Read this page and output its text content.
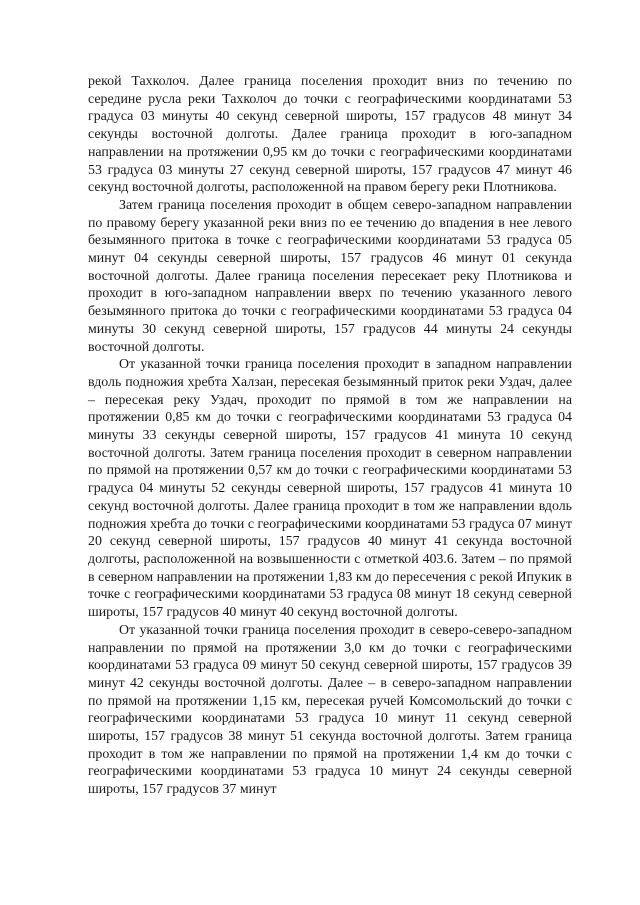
рекой Тахколоч. Далее граница поселения проходит вниз по течению по середине русла реки Тахколоч до точки с географическими координатами 53 градуса 03 минуты 40 секунд северной широты, 157 градусов 48 минут 34 секунды восточной долготы. Далее граница проходит в юго-западном направлении на протяжении 0,95 км до точки с географическими координатами 53 градуса 03 минуты 27 секунд северной широты, 157 градусов 47 минут 46 секунд восточной долготы, расположенной на правом берегу реки Плотникова.

Затем граница поселения проходит в общем северо-западном направлении по правому берегу указанной реки вниз по ее течению до впадения в нее левого безымянного притока в точке с географическими координатами 53 градуса 05 минут 04 секунды северной широты, 157 градусов 46 минут 01 секунда восточной долготы. Далее граница поселения пересекает реку Плотникова и проходит в юго-западном направлении вверх по течению указанного левого безымянного притока до точки с географическими координатами 53 градуса 04 минуты 30 секунд северной широты, 157 градусов 44 минуты 24 секунды восточной долготы.

От указанной точки граница поселения проходит в западном направлении вдоль подножия хребта Халзан, пересекая безымянный приток реки Уздач, далее – пересекая реку Уздач, проходит по прямой в том же направлении на протяжении 0,85 км до точки с географическими координатами 53 градуса 04 минуты 33 секунды северной широты, 157 градусов 41 минута 10 секунд восточной долготы. Затем граница поселения проходит в северном направлении по прямой на протяжении 0,57 км до точки с географическими координатами 53 градуса 04 минуты 52 секунды северной широты, 157 градусов 41 минута 10 секунд восточной долготы. Далее граница проходит в том же направлении вдоль подножия хребта до точки с географическими координатами 53 градуса 07 минут 20 секунд северной широты, 157 градусов 40 минут 41 секунда восточной долготы, расположенной на возвышенности с отметкой 403.6. Затем – по прямой в северном направлении на протяжении 1,83 км до пересечения с рекой Ипукик в точке с географическими координатами 53 градуса 08 минут 18 секунд северной широты, 157 градусов 40 минут 40 секунд восточной долготы.

От указанной точки граница поселения проходит в северо-северо-западном направлении по прямой на протяжении 3,0 км до точки с географическими координатами 53 градуса 09 минут 50 секунд северной широты, 157 градусов 39 минут 42 секунды восточной долготы. Далее – в северо-западном направлении по прямой на протяжении 1,15 км, пересекая ручей Комсомольский до точки с географическими координатами 53 градуса 10 минут 11 секунд северной широты, 157 градусов 38 минут 51 секунда восточной долготы. Затем граница проходит в том же направлении по прямой на протяжении 1,4 км до точки с географическими координатами 53 градуса 10 минут 24 секунды северной широты, 157 градусов 37 минут
